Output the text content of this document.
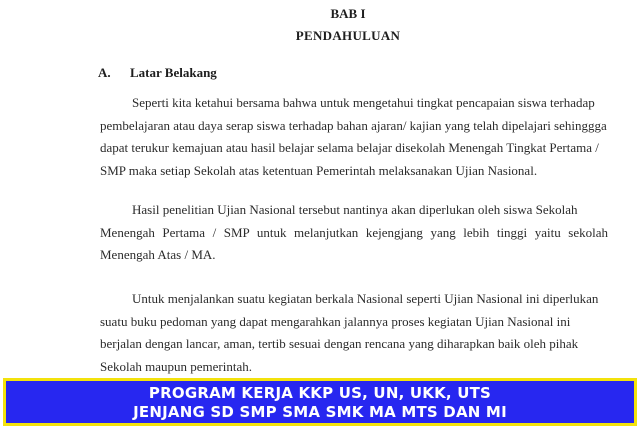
BAB I
PENDAHULUAN
A. Latar Belakang
Seperti kita ketahui bersama bahwa untuk mengetahui tingkat pencapaian siswa terhadap
pembelajaran atau daya serap siswa terhadap bahan ajaran/ kajian yang telah dipelajari sehinggga
dapat terukur kemajuan atau hasil belajar selama belajar disekolah Menengah Tingkat Pertama /
SMP maka setiap Sekolah atas ketentuan Pemerintah melaksanakan Ujian Nasional.
Hasil penelitian Ujian Nasional tersebut nantinya akan diperlukan oleh siswa Sekolah
Menengah Pertama / SMP untuk melanjutkan kejengjang yang lebih tinggi yaitu sekolah
Menengah Atas / MA.
Untuk menjalankan suatu kegiatan berkala Nasional seperti Ujian Nasional ini diperlukan
suatu buku pedoman yang dapat mengarahkan jalannya proses kegiatan Ujian Nasional ini
berjalan dengan lancar, aman, tertib sesuai dengan rencana yang diharapkan baik oleh pihak
Sekolah maupun pemerintah.
PROGRAM KERJA KKP US, UN, UKK, UTS
JENJANG SD SMP SMA SMK MA MTS DAN MI
